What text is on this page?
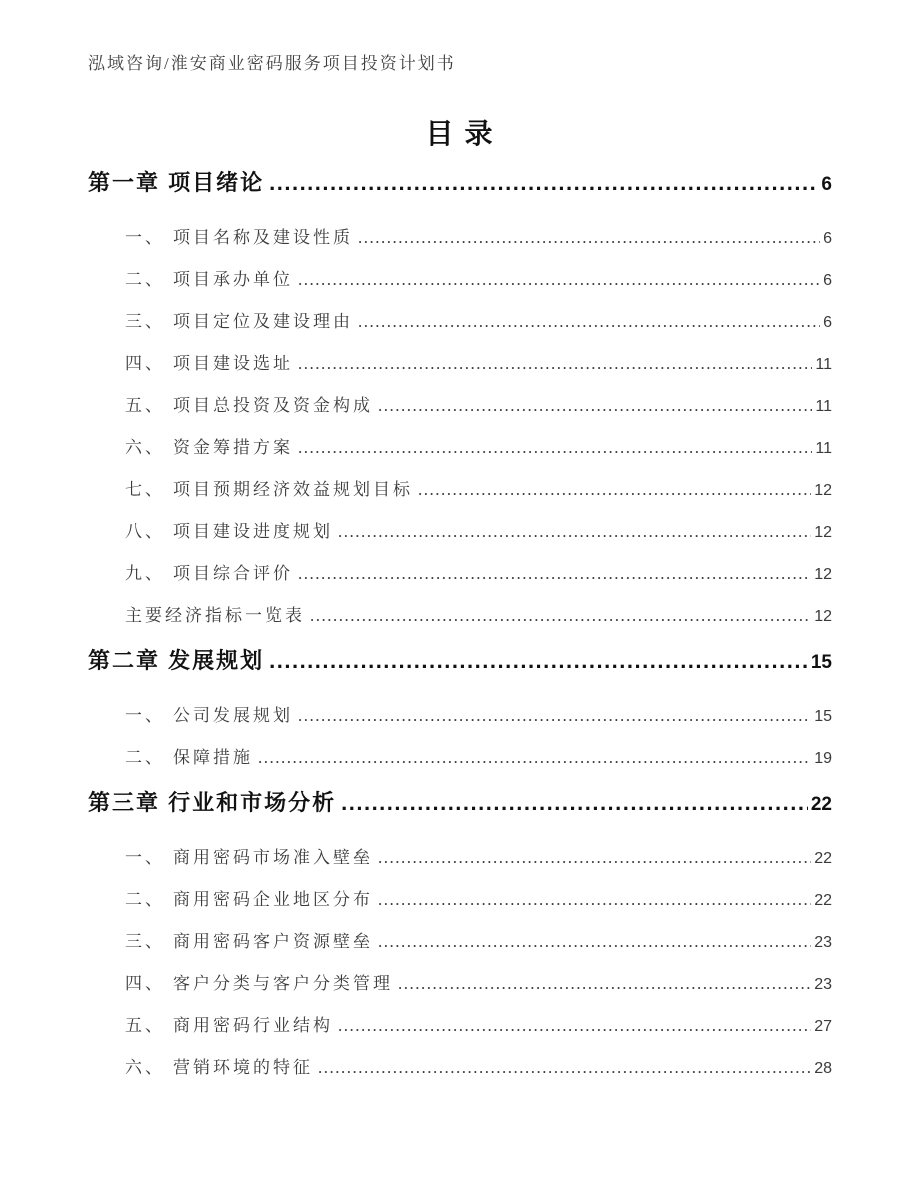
泓域咨询/淮安商业密码服务项目投资计划书
目 录
第一章 项目绪论 .....	6
一、 项目名称及建设性质 .....	6
二、 项目承办单位 .....	6
三、 项目定位及建设理由 .....	6
四、 项目建设选址 .....	11
五、 项目总投资及资金构成 .....	11
六、 资金筹措方案 .....	11
七、 项目预期经济效益规划目标 .....	12
八、 项目建设进度规划 .....	12
九、 项目综合评价 .....	12
主要经济指标一览表 .....	12
第二章 发展规划 .....	15
一、 公司发展规划 .....	15
二、 保障措施 .....	19
第三章 行业和市场分析 .....	22
一、 商用密码市场准入壁垒 .....	22
二、 商用密码企业地区分布 .....	22
三、 商用密码客户资源壁垒 .....	23
四、 客户分类与客户分类管理 .....	23
五、 商用密码行业结构 .....	27
六、 营销环境的特征 .....	28
